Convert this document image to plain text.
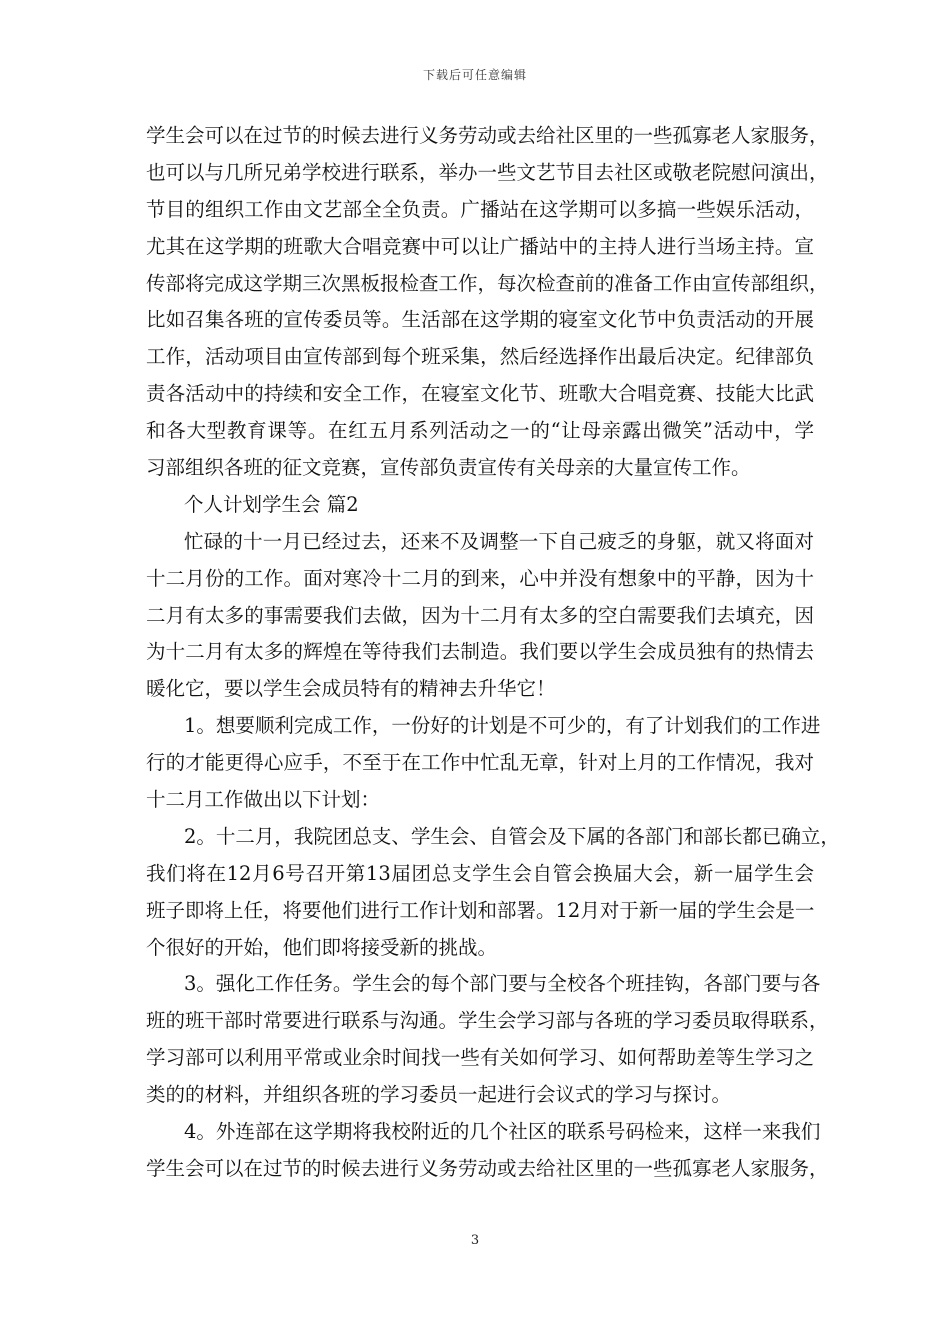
下载后可任意编辑
学生会可以在过节的时候去进行义务劳动或去给社区里的一些孤寡老人家服务，
也可以与几所兄弟学校进行联系，举办一些文艺节目去社区或敬老院慰问演出，
节目的组织工作由文艺部全全负责。广播站在这学期可以多搞一些娱乐活动，
尤其在这学期的班歌大合唱竞赛中可以让广播站中的主持人进行当场主持。宣
传部将完成这学期三次黑板报检查工作，每次检查前的准备工作由宣传部组织，
比如召集各班的宣传委员等。生活部在这学期的寝室文化节中负责活动的开展
工作，活动项目由宣传部到每个班采集，然后经选择作出最后决定。纪律部负
责各活动中的持续和安全工作，在寝室文化节、班歌大合唱竞赛、技能大比武
和各大型教育课等。在红五月系列活动之一的“让母亲露出微笑”活动中，学
习部组织各班的征文竞赛，宣传部负责宣传有关母亲的大量宣传工作。
个人计划学生会 篇2
忙碌的十一月已经过去，还来不及调整一下自己疲乏的身躯，就又将面对
十二月份的工作。面对寒冷十二月的到来，心中并没有想象中的平静，因为十
二月有太多的事需要我们去做，因为十二月有太多的空白需要我们去填充，因
为十二月有太多的辉煌在等待我们去制造。我们要以学生会成员独有的热情去
暖化它，要以学生会成员特有的精神去升华它！
1。想要顺利完成工作，一份好的计划是不可少的，有了计划我们的工作进
行的才能更得心应手，不至于在工作中忙乱无章，针对上月的工作情况，我对
十二月工作做出以下计划：
2。十二月，我院团总支、学生会、自管会及下属的各部门和部长都已确立，
我们将在12月6号召开第13届团总支学生会自管会换届大会，新一届学生会
班子即将上任，将要他们进行工作计划和部署。12月对于新一届的学生会是一
个很好的开始，他们即将接受新的挑战。
3。强化工作任务。学生会的每个部门要与全校各个班挂钩，各部门要与各
班的班干部时常要进行联系与沟通。学生会学习部与各班的学习委员取得联系，
学习部可以利用平常或业余时间找一些有关如何学习、如何帮助差等生学习之
类的的材料，并组织各班的学习委员一起进行会议式的学习与探讨。
4。外连部在这学期将我校附近的几个社区的联系号码检来，这样一来我们
学生会可以在过节的时候去进行义务劳动或去给社区里的一些孤寡老人家服务，
3
